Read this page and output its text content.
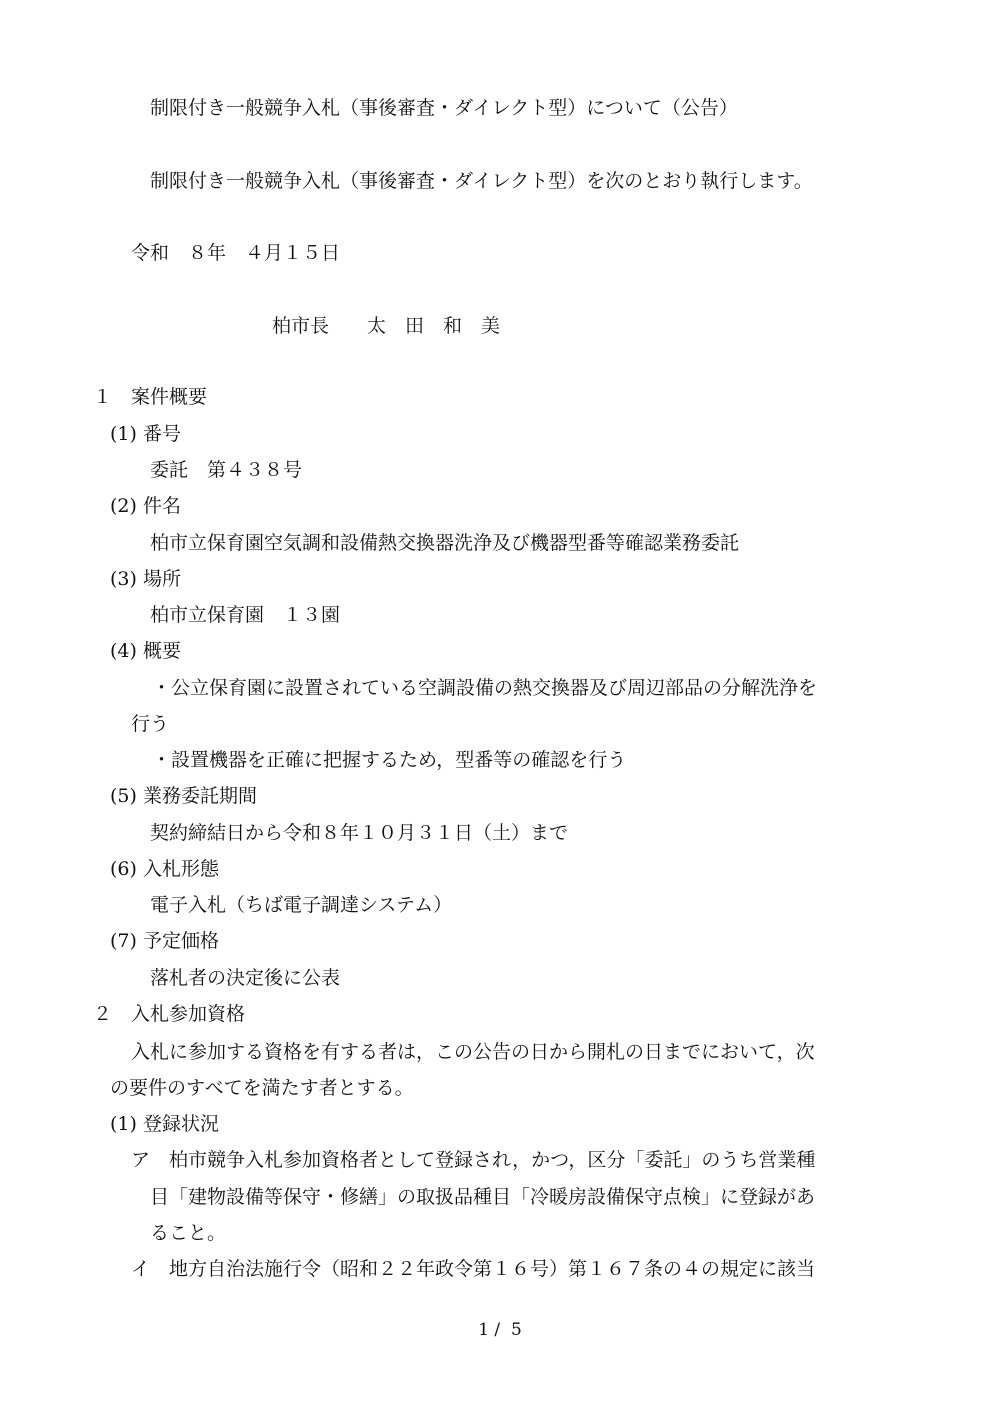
制限付き一般競争入札（事後審査・ダイレクト型）について（公告）
制限付き一般競争入札（事後審査・ダイレクト型）を次のとおり執行します。
令和　８年　４月１５日
柏市長　　太　田　和　美
１　案件概要
(1) 番号
委託　第４３８号
(2) 件名
柏市立保育園空気調和設備熱交換器洗浄及び機器型番等確認業務委託
(3) 場所
柏市立保育園　１３園
(4) 概要
・公立保育園に設置されている空調設備の熱交換器及び周辺部品の分解洗浄を
行う
・設置機器を正確に把握するため，型番等の確認を行う
(5) 業務委託期間
契約締結日から令和８年１０月３１日（土）まで
(6) 入札形態
電子入札（ちば電子調達システム）
(7) 予定価格
落札者の決定後に公表
２　入札参加資格
入札に参加する資格を有する者は，この公告の日から開札の日までにおいて，次
の要件のすべてを満たす者とする。
(1) 登録状況
ア　柏市競争入札参加資格者として登録され，かつ，区分「委託」のうち営業種
目「建物設備等保守・修繕」の取扱品種目「冷暖房設備保守点検」に登録があ
ること。
イ　地方自治法施行令（昭和２２年政令第１６号）第１６７条の４の規定に該当
1 /  5
